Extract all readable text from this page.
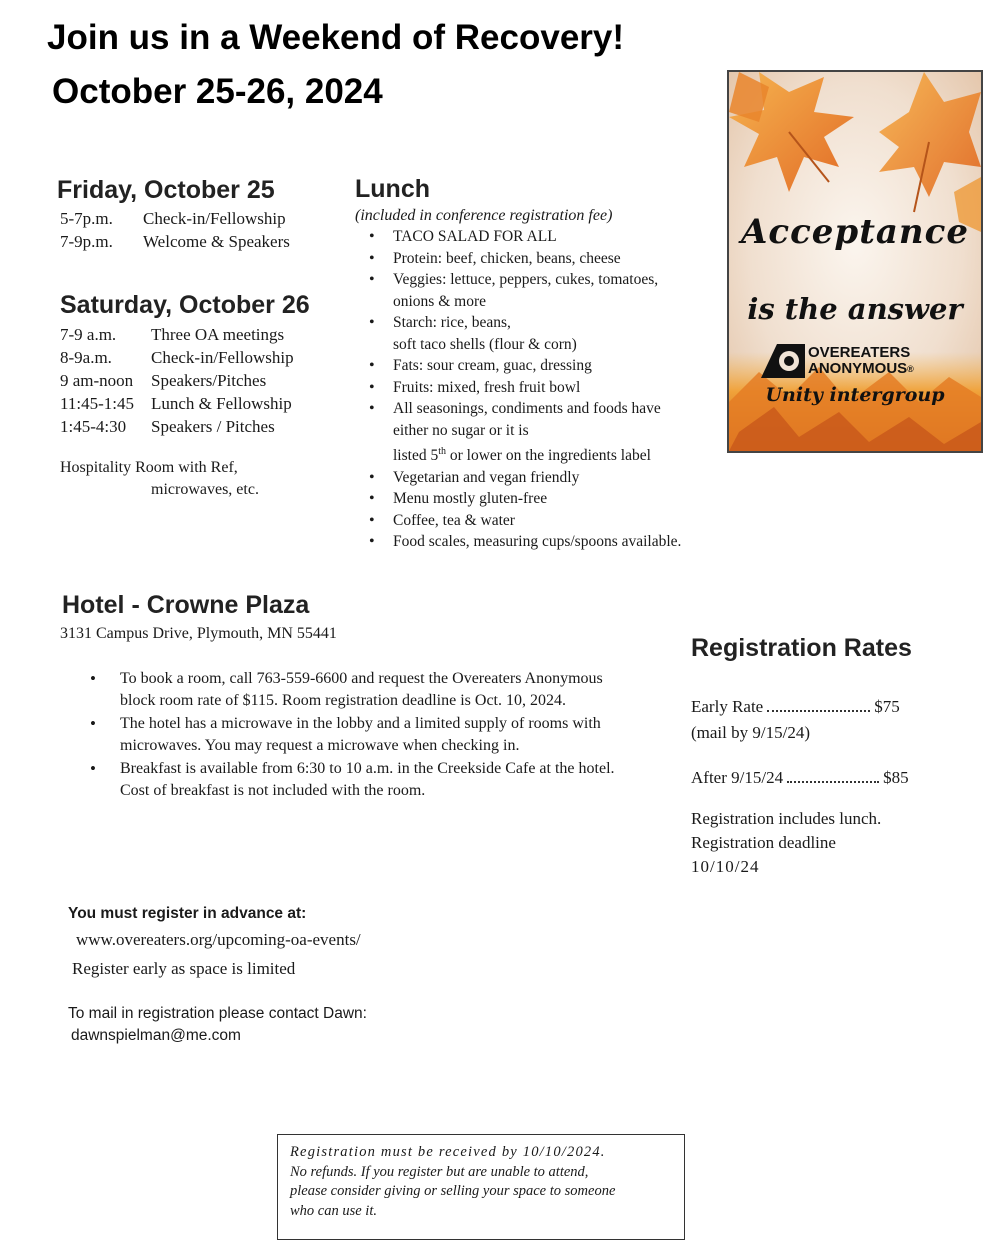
Join us in a Weekend of Recovery!
October 25-26, 2024
Friday, October 25
5-7p.m.	Check-in/Fellowship
7-9p.m.	Welcome & Speakers
Saturday, October 26
7-9 a.m.	Three OA meetings
8-9a.m.	Check-in/Fellowship
9 am-noon	Speakers/Pitches
11:45-1:45	Lunch & Fellowship
1:45-4:30	Speakers / Pitches
Hospitality Room with Ref,
microwaves, etc.
Lunch
(included in conference registration fee)
• TACO SALAD FOR ALL
• Protein: beef, chicken, beans, cheese
• Veggies: lettuce, peppers, cukes, tomatoes,
onions & more
• Starch: rice, beans,
soft taco shells (flour & corn)
• Fats: sour cream, guac, dressing
• Fruits: mixed, fresh fruit bowl
• All seasonings, condiments and foods have
either no sugar or it is
listed 5th or lower on the ingredients label
• Vegetarian and vegan friendly
• Menu mostly gluten-free
• Coffee, tea & water
• Food scales, measuring cups/spoons available.
Acceptance
is the answer
OVEREATERS
ANONYMOUS®
Unity intergroup
Hotel - Crowne Plaza
3131 Campus Drive, Plymouth, MN 55441
• To book a room, call 763-559-6600 and request the Overeaters Anonymous block room rate of $115. Room registration deadline is Oct. 10, 2024.
• The hotel has a microwave in the lobby and a limited supply of rooms with microwaves. You may request a microwave when checking in.
• Breakfast is available from 6:30 to 10 a.m. in the Creekside Cafe at the hotel. Cost of breakfast is not included with the room.
Registration Rates
Early Rate	$75
(mail by 9/15/24)
After 9/15/24	$85
Registration includes lunch.
Registration deadline
10/10/24
You must register in advance at:
www.overeaters.org/upcoming-oa-events/
Register early as space is limited
To mail in registration please contact Dawn:
dawnspielman@me.com
Registration must be received by 10/10/2024.
No refunds. If you register but are unable to attend,
please consider giving or selling your space to someone
who can use it.
